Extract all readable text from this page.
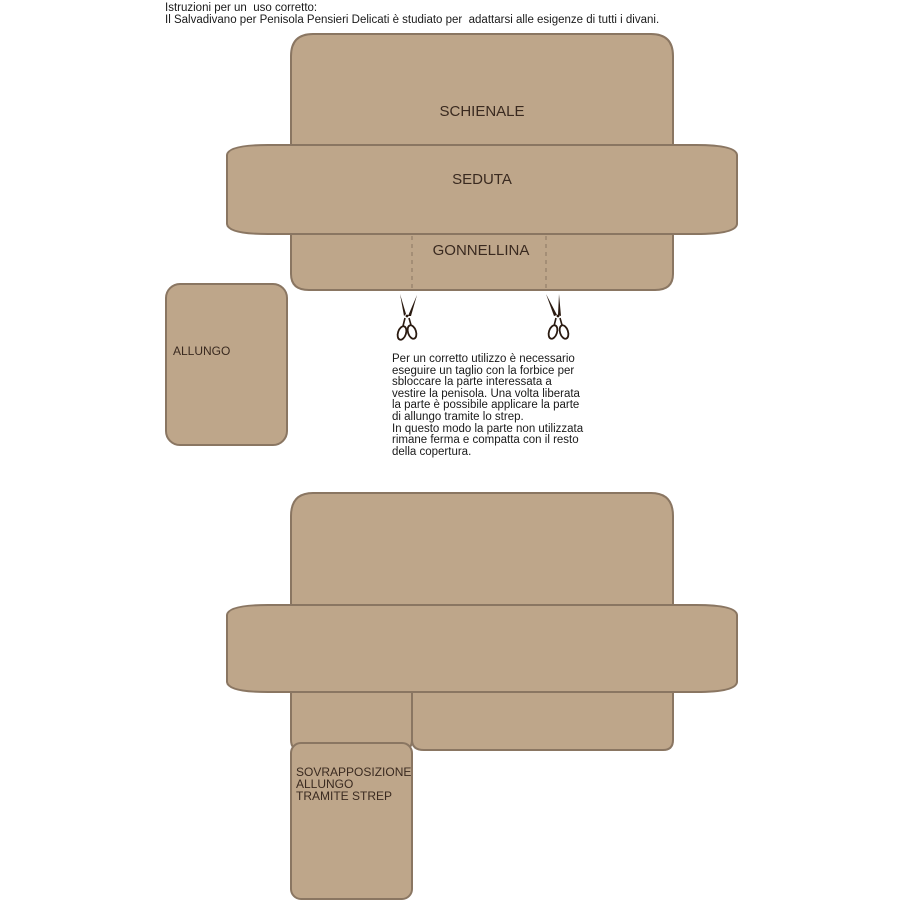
Istruzioni per un  uso corretto:
Il Salvadivano per Penisola Pensieri Delicati è studiato per  adattarsi alle esigenze di tutti i divani.
SCHIENALE
SEDUTA
GONNELLINA
ALLUNGO
SOVRAPPOSIZIONE
ALLUNGO
TRAMITE STREP

Per un corretto utilizzo è necessario

eseguire un taglio con la forbice per

sbloccare la parte interessata a

vestire la penisola. Una volta liberata

la parte è possibile applicare la parte

di allungo tramite lo strep.

In questo modo la parte non utilizzata

rimane ferma e compatta con il resto

della copertura.
